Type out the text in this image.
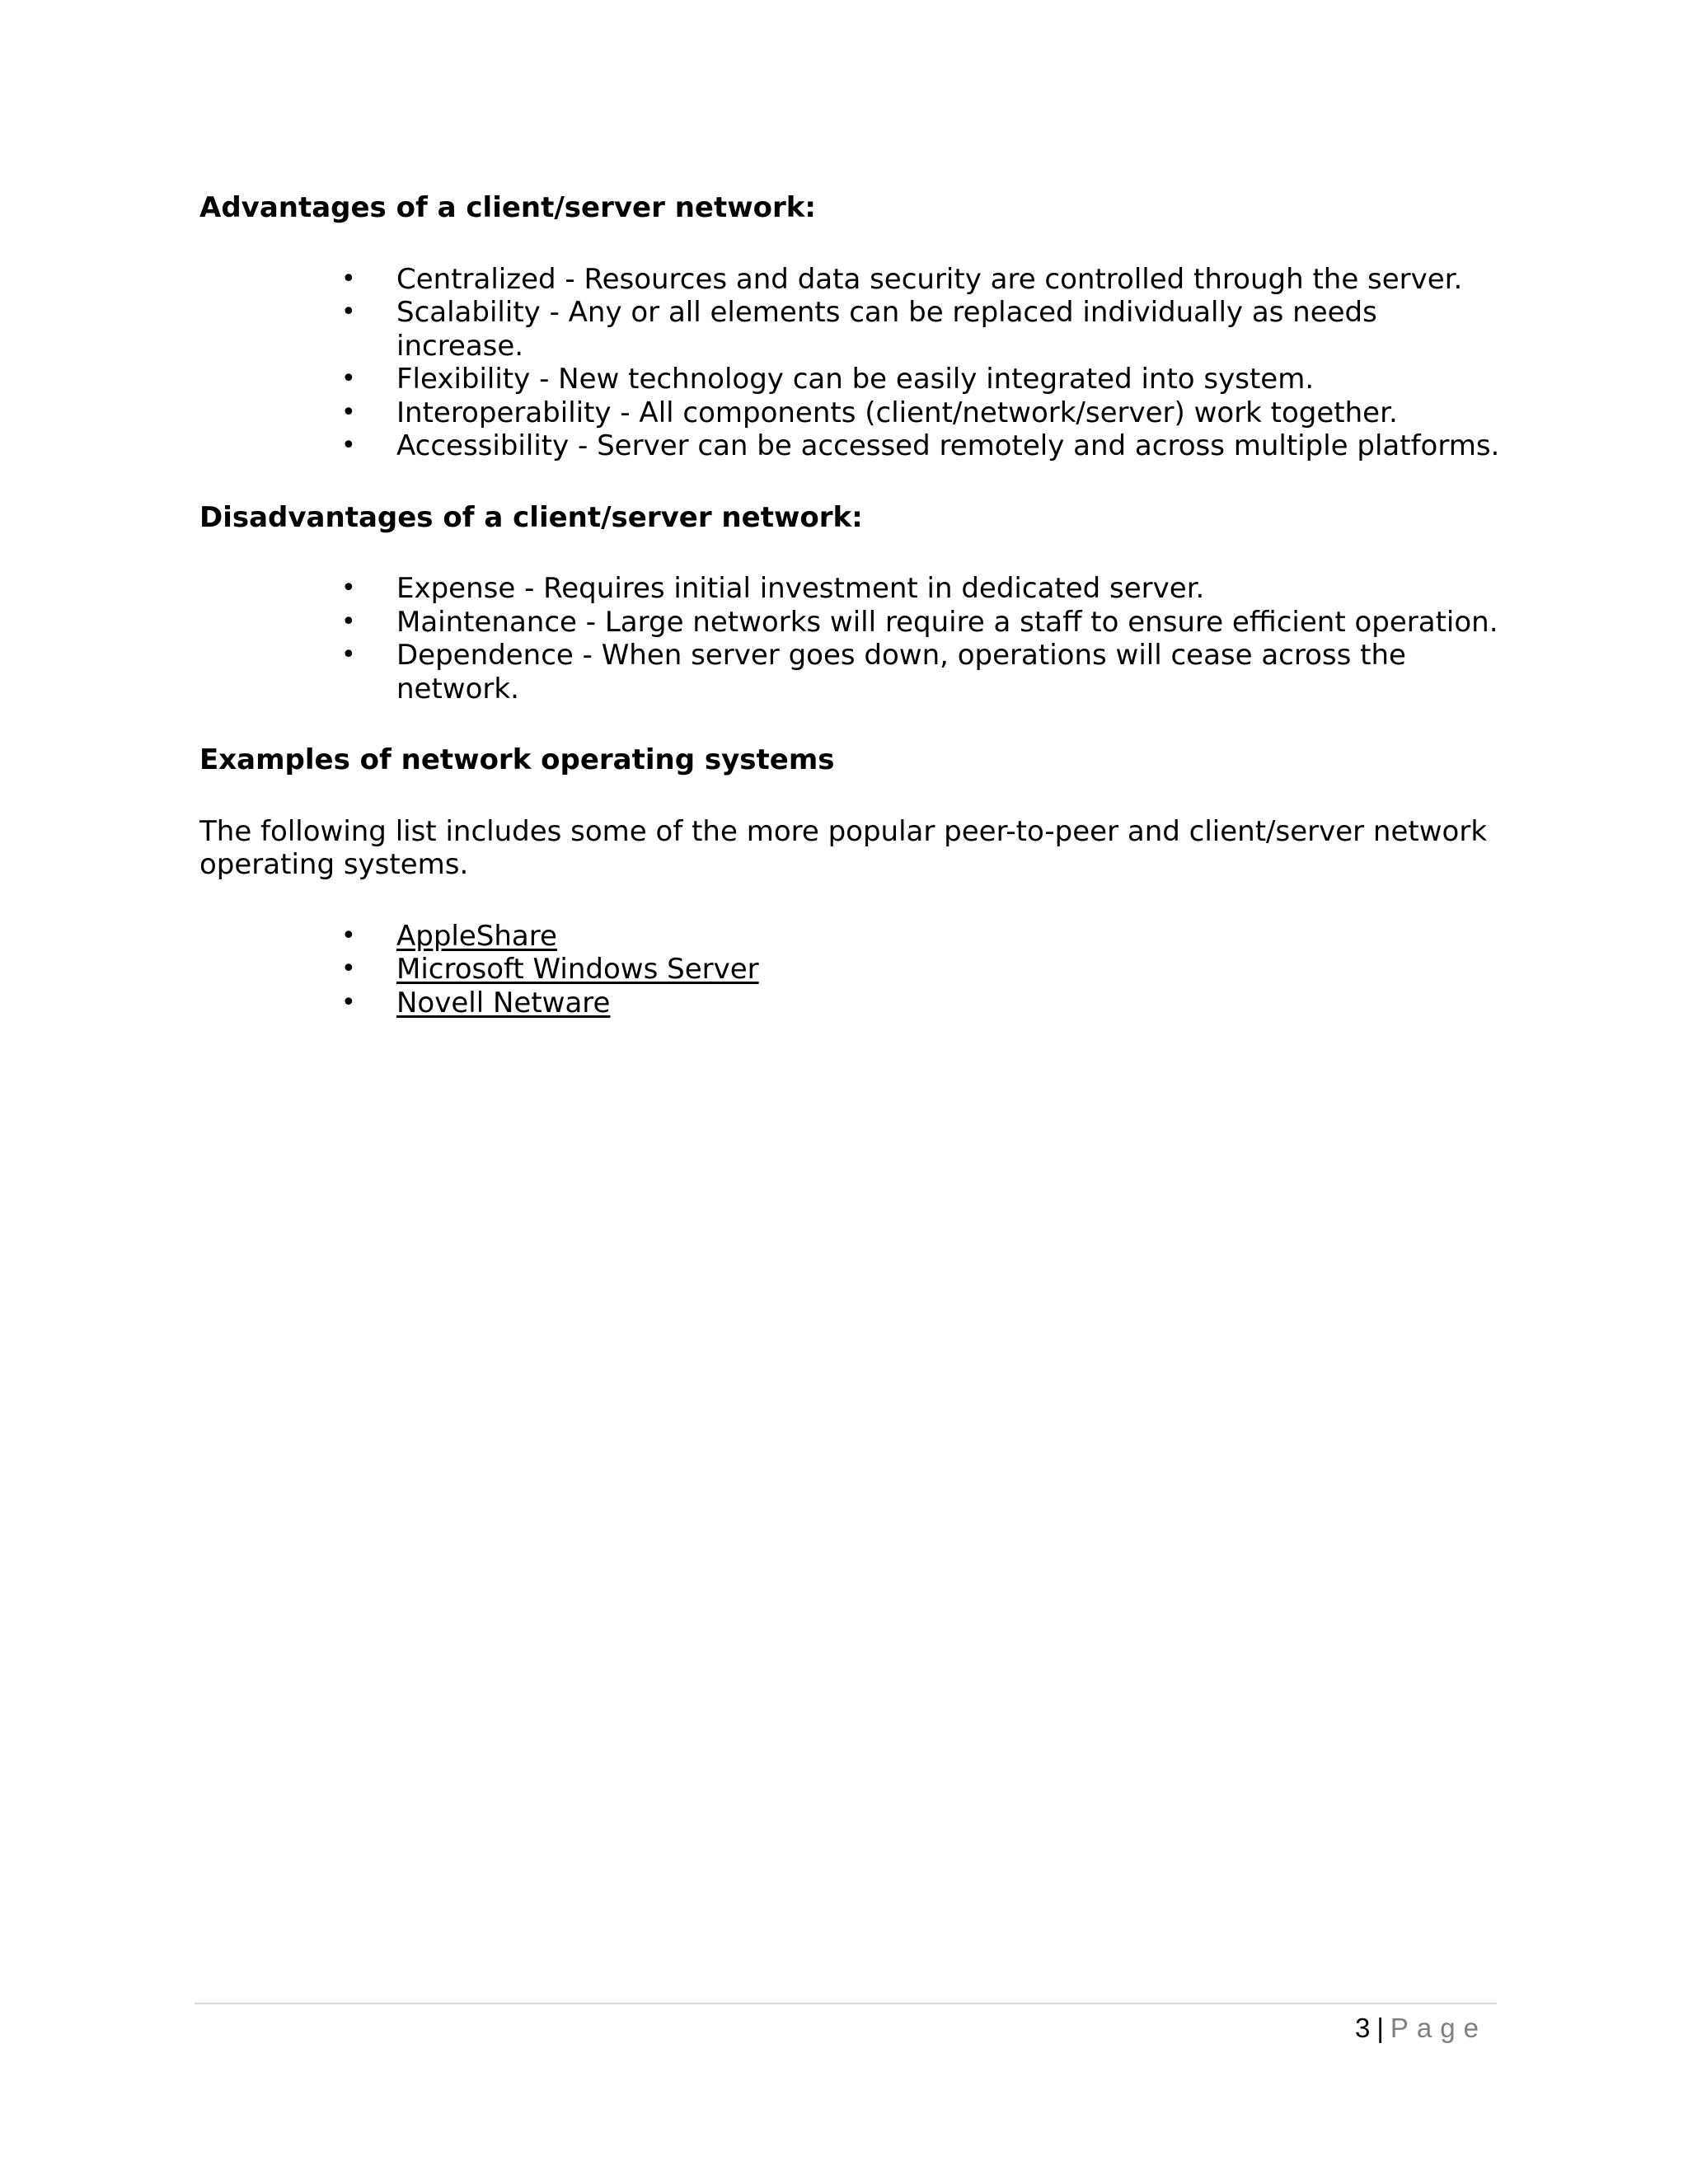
Advantages of a client/server network:

• Centralized - Resources and data security are controlled through the server.
• Scalability - Any or all elements can be replaced individually as needs increase.
• Flexibility - New technology can be easily integrated into system.
• Interoperability - All components (client/network/server) work together.
• Accessibility - Server can be accessed remotely and across multiple platforms.

Disadvantages of a client/server network:

• Expense - Requires initial investment in dedicated server.
• Maintenance - Large networks will require a staff to ensure efficient operation.
• Dependence - When server goes down, operations will cease across the network.

Examples of network operating systems

The following list includes some of the more popular peer-to-peer and client/server network operating systems.

• AppleShare
• Microsoft Windows Server
• Novell Netware
3 | Page
